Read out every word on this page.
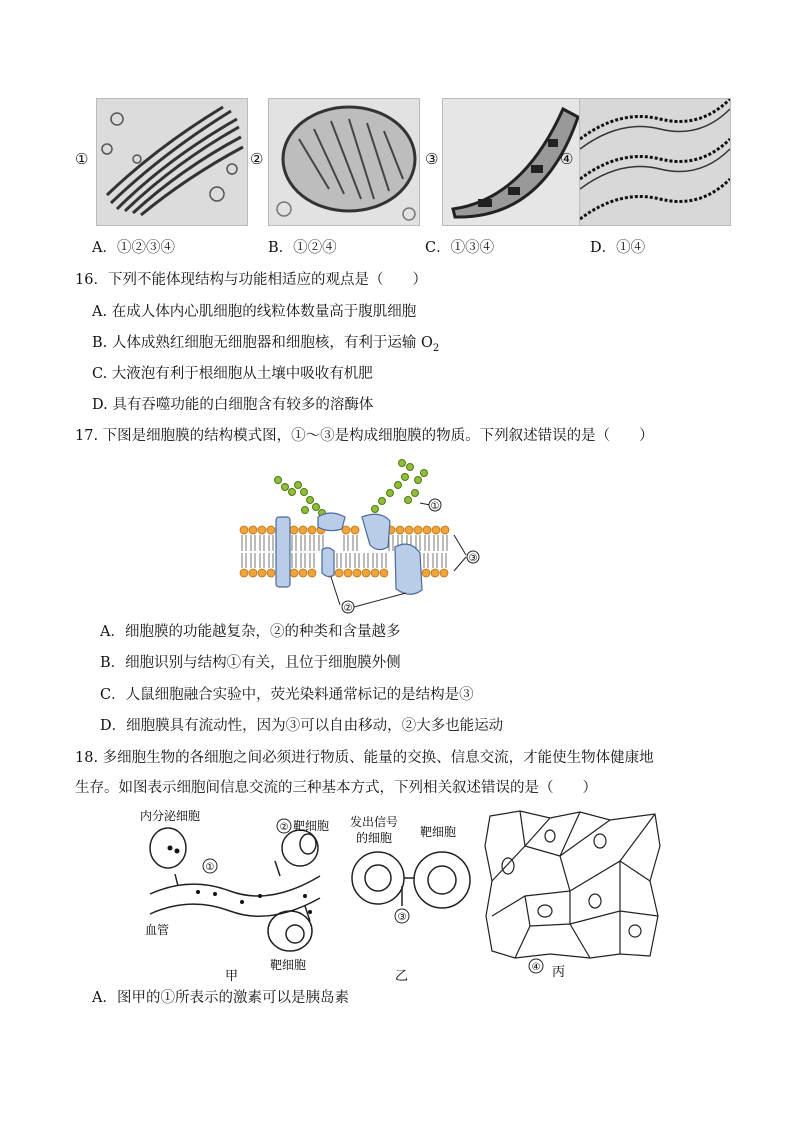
①	②	③	④
A．①②③④	B．①②④	C．①③④	D．①④
16．下列不能体现结构与功能相适应的观点是（　　）
A. 在成人体内心肌细胞的线粒体数量高于腹肌细胞
B. 人体成熟红细胞无细胞器和细胞核，有利于运输 $O_2$
C. 大液泡有利于根细胞从土壤中吸收有机肥
D. 具有吞噬功能的白细胞含有较多的溶酶体
17. 下图是细胞膜的结构模式图，①～③是构成细胞膜的物质。下列叙述错误的是（　　）
①
②
③
A．细胞膜的功能越复杂，②的种类和含量越多
B．细胞识别与结构①有关，且位于细胞膜外侧
C．人鼠细胞融合实验中，荧光染料通常标记的是结构是③
D．细胞膜具有流动性，因为③可以自由移动，②大多也能运动
18. 多细胞生物的各细胞之间必须进行物质、能量的交换、信息交流，才能使生物体健康地
生存。如图表示细胞间信息交流的三种基本方式，下列相关叙述错误的是（　　）
内分泌细胞
①
② 靶细胞
血管
靶细胞
甲
发出信号
的细胞 靶细胞
③
乙
④ 丙
A．图甲的①所表示的激素可以是胰岛素
